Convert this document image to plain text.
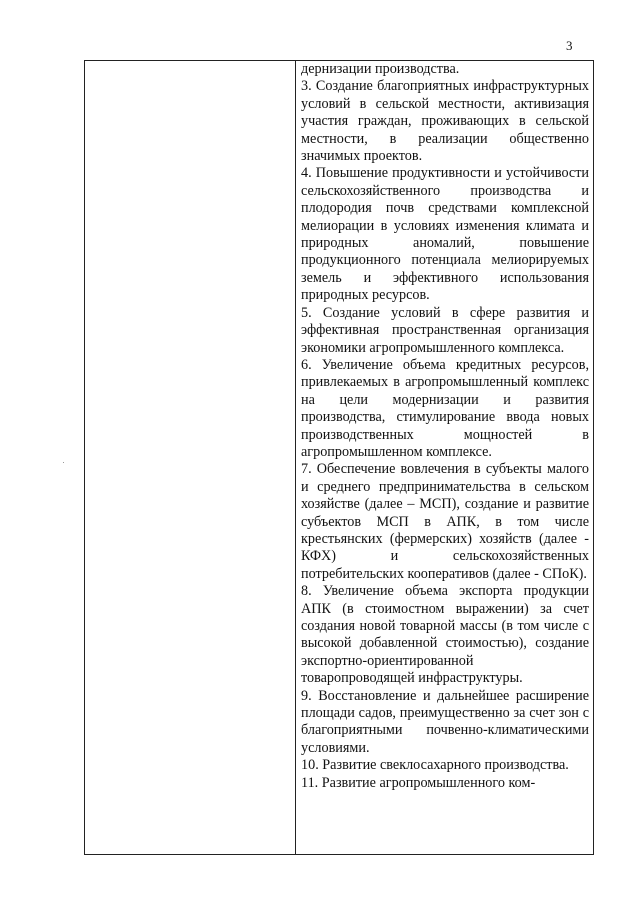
3

дернизации производства.

3. Создание благоприятных инфраструктурных условий в сельской местности, активизация участия граждан, проживающих в сельской местности, в реализации общественно значимых проектов.

4. Повышение продуктивности и устойчивости сельскохозяйственного производства и плодородия почв средствами комплексной мелиорации в условиях изменения климата и природных аномалий, повышение продукционного потенциала мелиорируемых земель и эффективного использования природных ресурсов.

5. Создание условий в сфере развития и эффективная пространственная организация экономики агропромышленного комплекса.

6. Увеличение объема кредитных ресурсов, привлекаемых в агропромышленный комплекс на цели модернизации и развития производства, стимулирование ввода новых производственных мощностей в агропромышленном комплексе.

7. Обеспечение вовлечения в субъекты малого и среднего предпринимательства в сельском хозяйстве (далее – МСП), создание и развитие субъектов МСП в АПК, в том числе крестьянских (фермерских) хозяйств (далее - КФХ) и сельскохозяйственных потребительских кооперативов (далее - СПоК).

8. Увеличение объема экспорта продукции АПК (в стоимостном выражении) за счет создания новой товарной массы (в том числе с высокой добавленной стоимостью), создание экспортно-ориентированной товаропроводящей инфраструктуры.

9. Восстановление и дальнейшее расширение площади садов, преимущественно за счет зон с благоприятными почвенно-климатическими условиями.

10. Развитие свеклосахарного производства.

11. Развитие агропромышленного ком-
